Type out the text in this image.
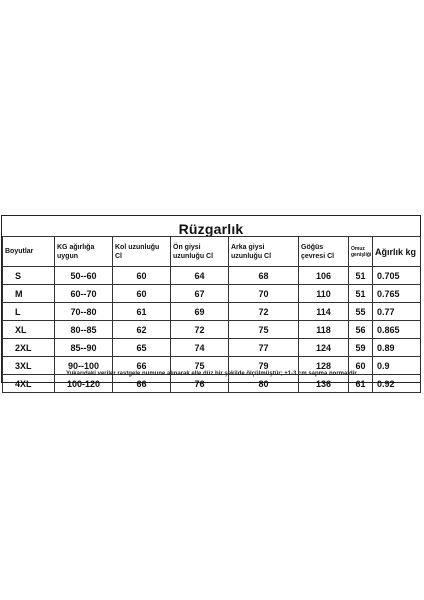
Rüzgarlık
Boyutlar	KG ağırlığa uygun	Kol uzunluğu Cl	Ön giysi uzunluğu Cl	Arka giysi uzunluğu Cl	Göğüs çevresi Cl	Omuz genişliği	Ağırlık kg
S	50--60	60	64	68	106	51	0.705
M	60--70	60	67	70	110	51	0.765
L	70--80	61	69	72	114	55	0.77
XL	80--85	62	72	75	118	56	0.865
2XL	85--90	65	74	77	124	59	0.89
3XL	90--100	66	75	79	128	60	0.9
4XL	100-120	66	76	80	136	61	0.92
Yukarıdaki veriler rastgele numune alınarak elle düz bir şekilde ölçülmüştür; ±1-3 cm sapma normaldir.
